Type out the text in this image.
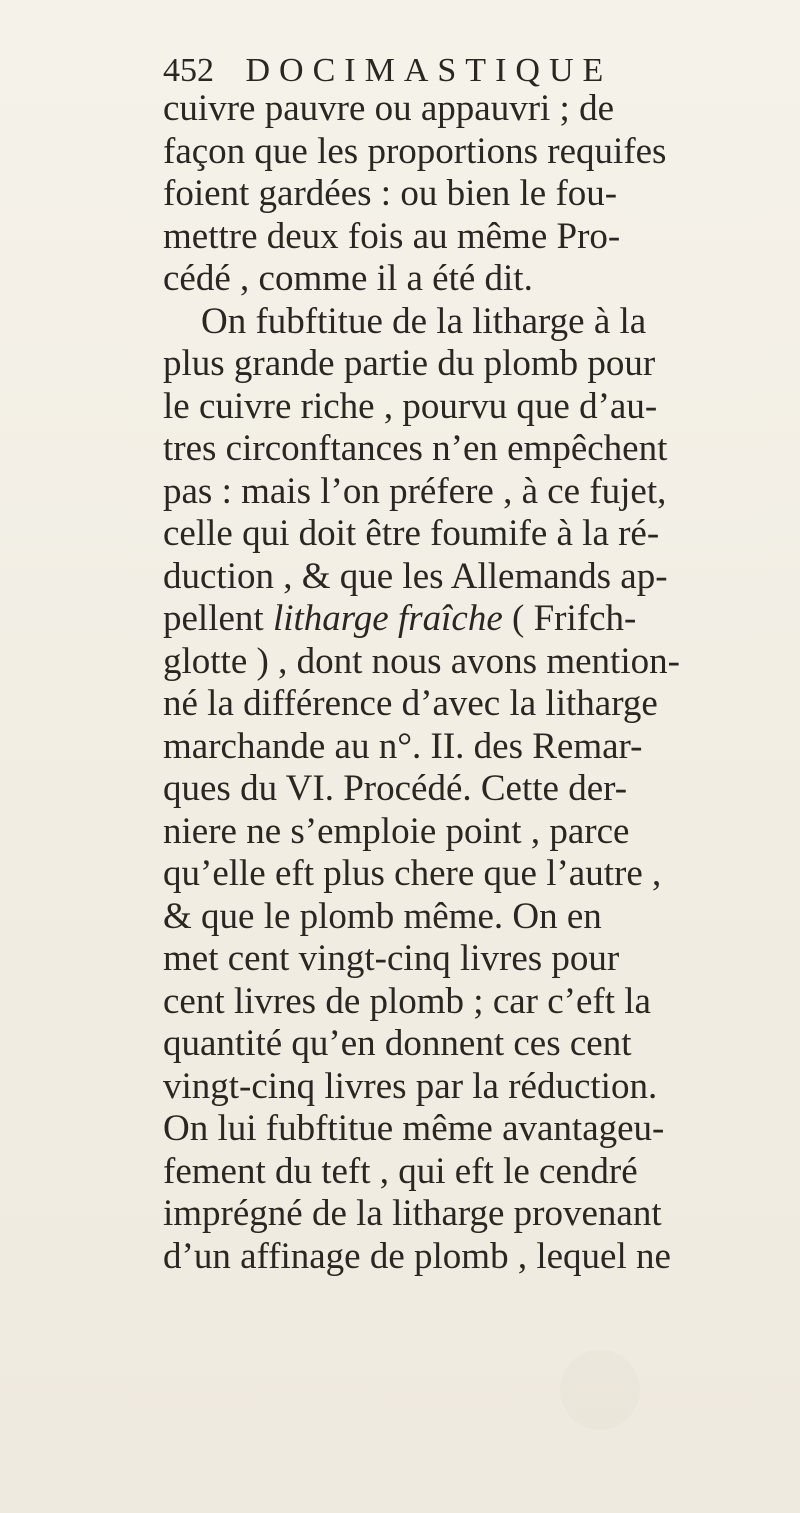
452 DOCIMASTIQUE
cuivre pauvre ou appauvri ; de
façon que les proportions requifes
foient gardées : ou bien le fou-
mettre deux fois au même Pro-
cédé , comme il a été dit.
On fubftitue de la litharge à la
plus grande partie du plomb pour
le cuivre riche , pourvu que d’au-
tres circonftances n’en empêchent
pas : mais l’on préfere , à ce fujet,
celle qui doit être foumife à la ré-
duction , & que les Allemands ap-
pellent litharge fraîche ( Frifch-
glotte ) , dont nous avons mention-
né la différence d’avec la litharge
marchande au n°. II. des Remar-
ques du VI. Procédé. Cette der-
niere ne s’emploie point , parce
qu’elle eft plus chere que l’autre ,
& que le plomb même. On en
met cent vingt-cinq livres pour
cent livres de plomb ; car c’eft la
quantité qu’en donnent ces cent
vingt-cinq livres par la réduction.
On lui fubftitue même avantageu-
fement du teft , qui eft le cendré
imprégné de la litharge provenant
d’un affinage de plomb , lequel ne
